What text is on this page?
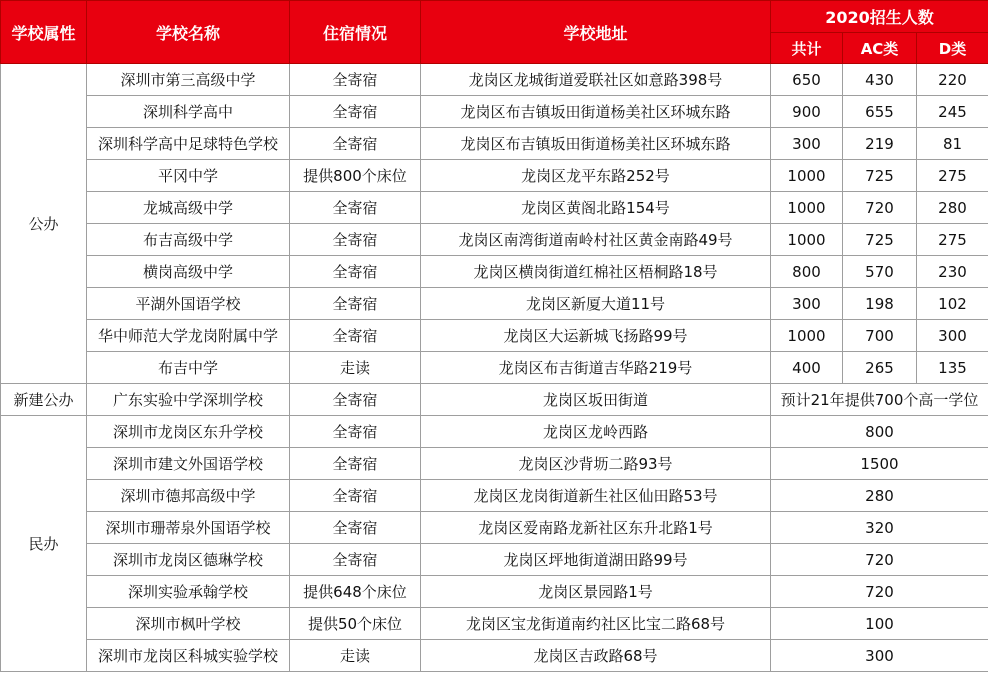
学校属性	学校名称	住宿情况	学校地址	2020招生人数		
				共计	AC类	D类
公办	深圳市第三高级中学	全寄宿	龙岗区龙城街道爱联社区如意路398号	650	430	220
	深圳科学高中	全寄宿	龙岗区布吉镇坂田街道杨美社区环城东路	900	655	245
	深圳科学高中足球特色学校	全寄宿	龙岗区布吉镇坂田街道杨美社区环城东路	300	219	81
	平冈中学	提供800个床位	龙岗区龙平东路252号	1000	725	275
	龙城高级中学	全寄宿	龙岗区黄阁北路154号	1000	720	280
	布吉高级中学	全寄宿	龙岗区南湾街道南岭村社区黄金南路49号	1000	725	275
	横岗高级中学	全寄宿	龙岗区横岗街道红棉社区梧桐路18号	800	570	230
	平湖外国语学校	全寄宿	龙岗区新厦大道11号	300	198	102
	华中师范大学龙岗附属中学	全寄宿	龙岗区大运新城飞扬路99号	1000	700	300
	布吉中学	走读	龙岗区布吉街道吉华路219号	400	265	135
新建公办	广东实验中学深圳学校	全寄宿	龙岗区坂田街道	预计21年提供700个高一学位		
民办	深圳市龙岗区东升学校	全寄宿	龙岗区龙岭西路	800		
	深圳市建文外国语学校	全寄宿	龙岗区沙背坜二路93号	1500		
	深圳市德邦高级中学	全寄宿	龙岗区龙岗街道新生社区仙田路53号	280		
	深圳市珊蒂泉外国语学校	全寄宿	龙岗区爱南路龙新社区东升北路1号	320		
	深圳市龙岗区德琳学校	全寄宿	龙岗区坪地街道湖田路99号	720		
	深圳实验承翰学校	提供648个床位	龙岗区景园路1号	720		
	深圳市枫叶学校	提供50个床位	龙岗区宝龙街道南约社区比宝二路68号	100		
	深圳市龙岗区科城实验学校	走读	龙岗区吉政路68号	300		
